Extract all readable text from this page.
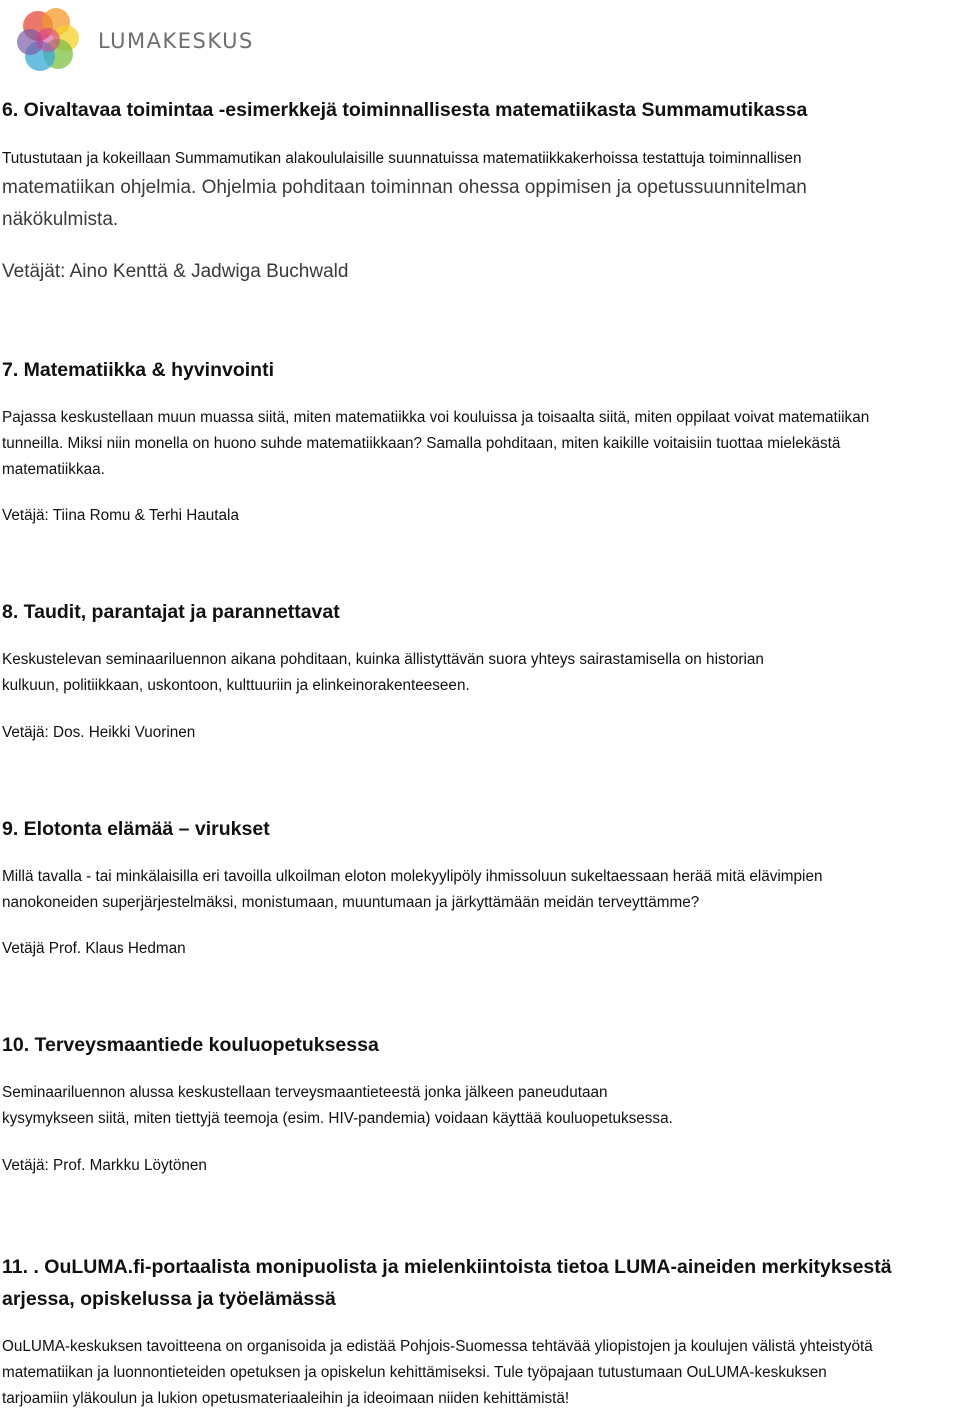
LUMAKESKUS
6. Oivaltavaa toimintaa -esimerkkejä toiminnallisesta matematiikasta Summamutikassa
Tutustutaan ja kokeillaan Summamutikan alakoululaisille suunnatuissa matematiikkakerhoissa testattuja toiminnallisen
matematiikan ohjelmia. Ohjelmia pohditaan toiminnan ohessa oppimisen ja opetussuunnitelman
näkökulmista.
Vetäjät: Aino Kenttä & Jadwiga Buchwald
7. Matematiikka & hyvinvointi
Pajassa keskustellaan muun muassa siitä, miten matematiikka voi kouluissa ja toisaalta siitä, miten oppilaat voivat matematiikan
tunneilla. Miksi niin monella on huono suhde matematiikkaan? Samalla pohditaan, miten kaikille voitaisiin tuottaa mielekästä
matematiikkaa.
Vetäjä: Tiina Romu & Terhi Hautala
8. Taudit, parantajat ja parannettavat
Keskustelevan seminaariluennon aikana pohditaan, kuinka ällistyttävän suora yhteys sairastamisella on historian
kulkuun, politiikkaan, uskontoon, kulttuuriin ja elinkeinorakenteeseen.
Vetäjä: Dos. Heikki Vuorinen
9. Elotonta elämää – virukset
Millä tavalla - tai minkälaisilla eri tavoilla ulkoilman eloton molekyylipöly ihmissoluun sukeltaessaan herää mitä elävimpien
nanokoneiden superjärjestelmäksi, monistumaan, muuntumaan ja järkyttämään meidän terveyttämme?
Vetäjä Prof. Klaus Hedman
10. Terveysmaantiede kouluopetuksessa
Seminaariluennon alussa keskustellaan terveysmaantieteestä jonka jälkeen paneudutaan
kysymykseen siitä, miten tiettyjä teemoja (esim. HIV-pandemia) voidaan käyttää kouluopetuksessa.
Vetäjä: Prof. Markku Löytönen
11. . OuLUMA.fi-portaalista monipuolista ja mielenkiintoista tietoa LUMA-aineiden merkityksestä
arjessa, opiskelussa ja työelämässä
OuLUMA-keskuksen tavoitteena on organisoida ja edistää Pohjois-Suomessa tehtävää yliopistojen ja koulujen välistä yhteistyötä
matematiikan ja luonnontieteiden opetuksen ja opiskelun kehittämiseksi. Tule työpajaan tutustumaan OuLUMA-keskuksen
tarjoamiin yläkoulun ja lukion opetusmateriaaleihin ja ideoimaan niiden kehittämistä!
